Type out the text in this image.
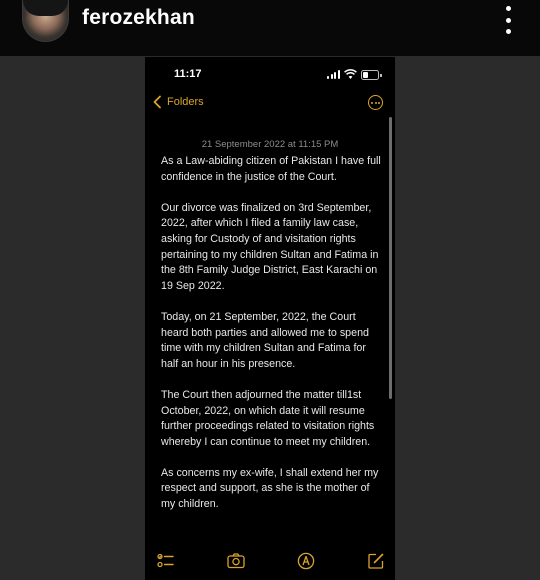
ferozekhan
11:17
Folders
21 September 2022 at 11:15 PM

As a Law-abiding citizen of Pakistan I have full confidence in the justice of the Court.

Our divorce was finalized on 3rd September, 2022, after which I filed a family law case, asking for Custody of and visitation rights pertaining to my children Sultan and Fatima in the 8th Family Judge District, East Karachi on 19 Sep 2022.

Today, on 21 September, 2022, the Court heard both parties and allowed me to spend time with my children Sultan and Fatima for half an hour in his presence.

The Court then adjourned the matter till1st October, 2022, on which date it will resume further proceedings related to visitation rights whereby I can continue to meet my children.

As concerns my ex-wife, I shall extend her my respect and support, as she is the mother of my children.
